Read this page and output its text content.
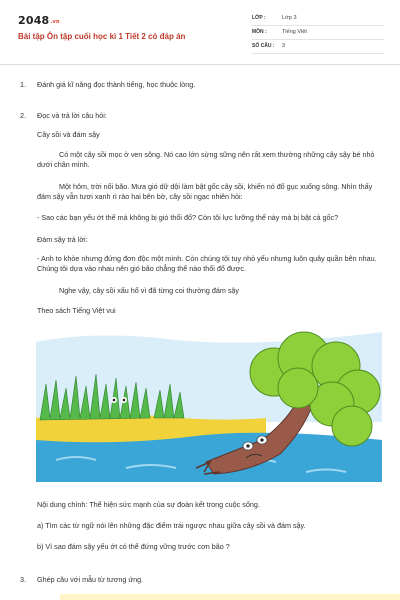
2048.vn
Bài tập Ôn tập cuối học kì 1 Tiết 2 có đáp án
LỚP :	Lớp 3
MÔN :	Tiếng Việt
SỐ CÂU :	3
1. Đánh giá kĩ năng đọc thành tiếng, học thuộc lòng.
2. Đọc và trả lời câu hỏi:
Cây sồi và đám sậy
Có một cây sồi mọc ở ven sông. Nó cao lớn sừng sững nên rất xem thường những cây sậy bé nhỏ dưới chân mình.
Một hôm, trời nổi bão. Mưa gió dữ dội làm bật gốc cây sồi, khiến nó đổ gục xuống sông. Nhìn thấy đám sậy vẫn tươi xanh rì rào hai bên bờ, cây sồi ngạc nhiên hỏi:
- Sao các bạn yếu ớt thế mà không bị gió thổi đổ? Còn tôi lực lưỡng thế này mà bị bật cả gốc?
Đám sậy trả lời:
- Anh to khỏe nhưng đứng đơn độc một mình. Còn chúng tôi tuy nhỏ yếu nhưng luôn quây quần bên nhau. Chúng tôi dựa vào nhau nên gió bão chẳng thể nào thổi đổ được.
Nghe vậy, cây sồi xấu hổ vì đã từng coi thường đám sậy
Theo sách Tiếng Việt vui
Nội dung chính: Thể hiện sức mạnh của sự đoàn kết trong cuộc sống.
a) Tìm các từ ngữ nói lên những đặc điểm trái ngược nhau giữa cây sồi và đám sậy.
b) Vì sao đám sậy yếu ớt có thể đứng vững trước cơn bão ?
3. Ghép câu với mẫu từ tương ứng.
